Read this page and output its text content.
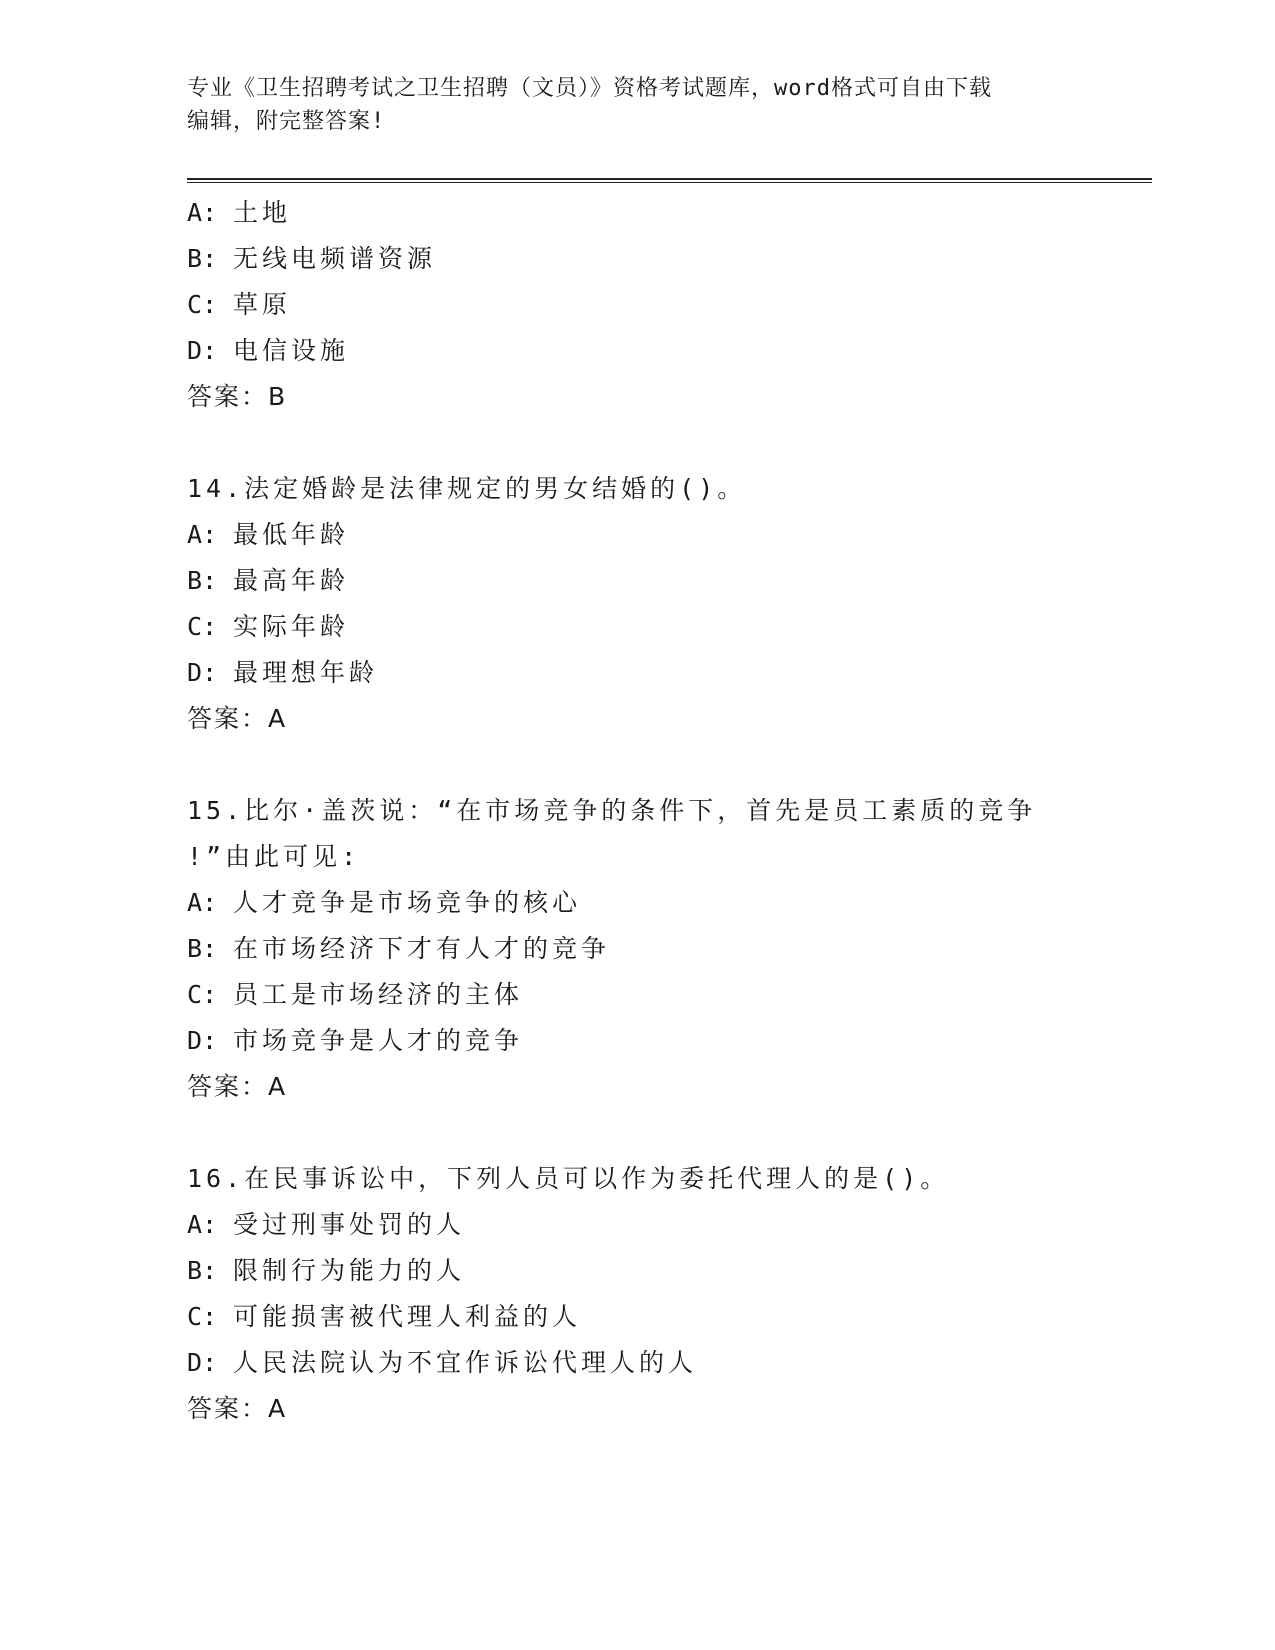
专业《卫生招聘考试之卫生招聘（文员）》资格考试题库，word格式可自由下载
编辑，附完整答案!
A: 土地
B: 无线电频谱资源
C: 草原
D: 电信设施
答案：B
14.法定婚龄是法律规定的男女结婚的()。
A: 最低年龄
B: 最高年龄
C: 实际年龄
D: 最理想年龄
答案：A
15.比尔·盖茨说：“在市场竞争的条件下，首先是员工素质的竞争
!”由此可见:
A: 人才竞争是市场竞争的核心
B: 在市场经济下才有人才的竞争
C: 员工是市场经济的主体
D: 市场竞争是人才的竞争
答案：A
16.在民事诉讼中，下列人员可以作为委托代理人的是()。
A: 受过刑事处罚的人
B: 限制行为能力的人
C: 可能损害被代理人利益的人
D: 人民法院认为不宜作诉讼代理人的人
答案：A
